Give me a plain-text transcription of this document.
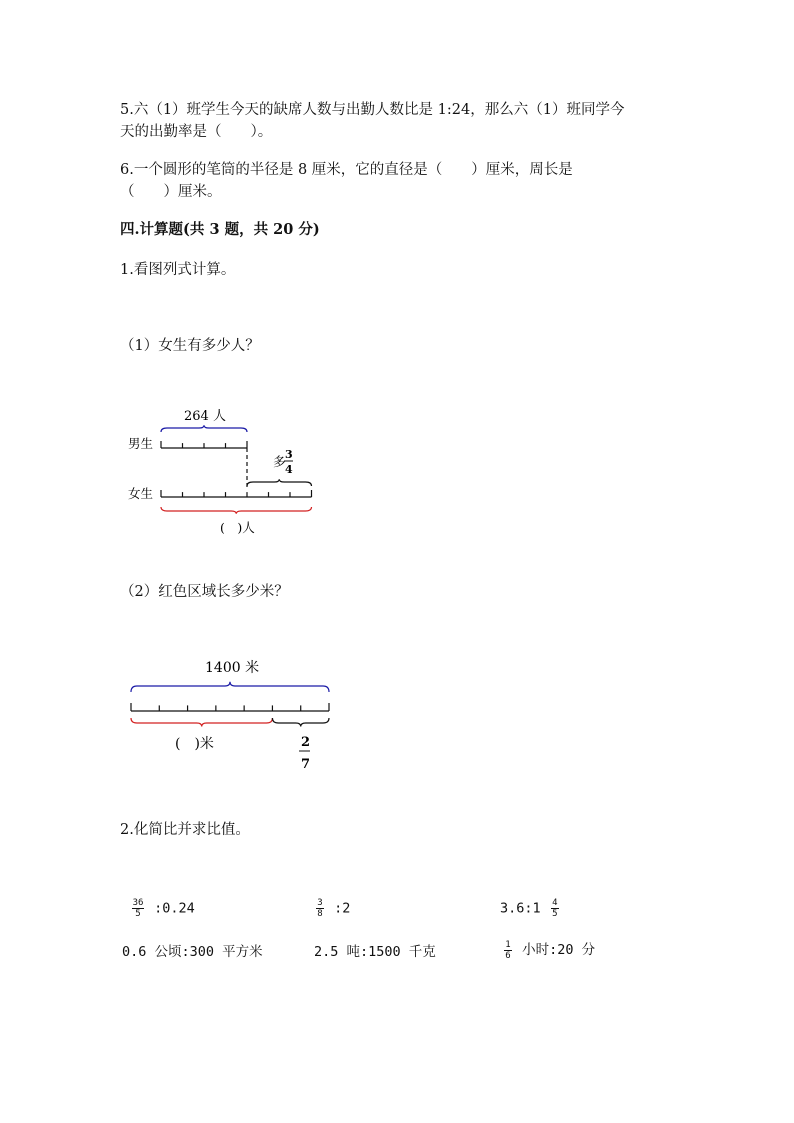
5.六（1）班学生今天的缺席人数与出勤人数比是 1:24，那么六（1）班同学今
天的出勤率是（　　）。
6.一个圆形的笔筒的半径是 8 厘米，它的直径是（　　）厘米，周长是
（　　）厘米。
四.计算题(共 3 题，共 20 分)
1.看图列式计算。
（1）女生有多少人？
264 人
男生
多 3
4
女生
(　)人
（2）红色区域长多少米？
1400 米
(　)米	2
7
2.化简比并求比值。
$\frac{36}{5}$ :0.24	$\frac{3}{8}$ :2	3.6:1 $\frac{4}{5}$
0.6 公顷:300 平方米	2.5 吨:1500 千克	$\frac{1}{6}$ 小时:20 分
